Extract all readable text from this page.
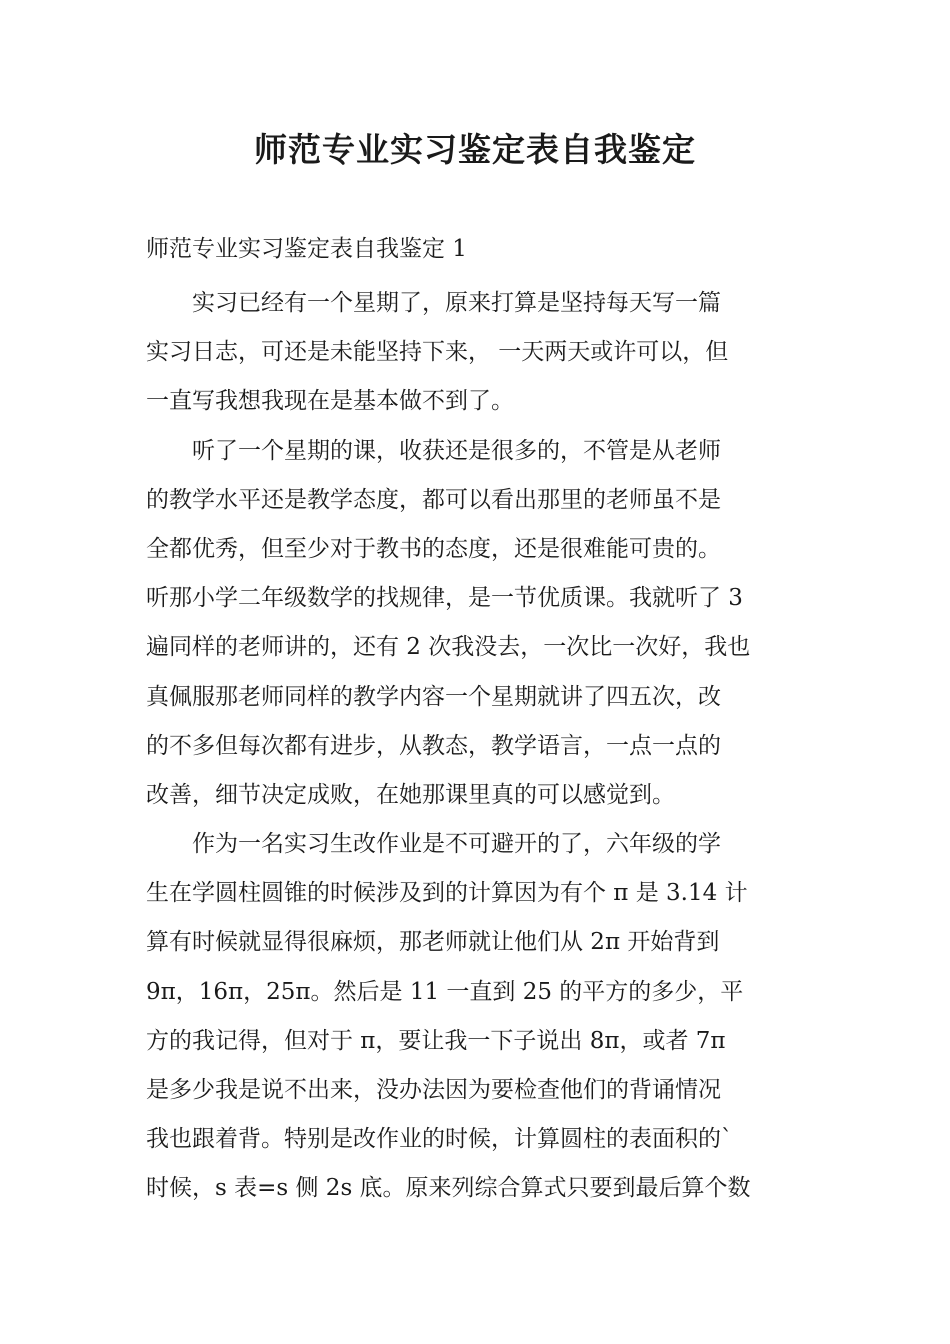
师范专业实习鉴定表自我鉴定

师范专业实习鉴定表自我鉴定 1

　　实习已经有一个星期了，原来打算是坚持每天写一篇
实习日志，可还是未能坚持下来， 一天两天或许可以，但
一直写我想我现在是基本做不到了。
　　听了一个星期的课，收获还是很多的，不管是从老师
的教学水平还是教学态度，都可以看出那里的老师虽不是
全都优秀，但至少对于教书的态度，还是很难能可贵的。
听那小学二年级数学的找规律，是一节优质课。我就听了 3
遍同样的老师讲的，还有 2 次我没去，一次比一次好，我也
真佩服那老师同样的教学内容一个星期就讲了四五次，改
的不多但每次都有进步，从教态，教学语言，一点一点的
改善，细节决定成败，在她那课里真的可以感觉到。
　　作为一名实习生改作业是不可避开的了，六年级的学
生在学圆柱圆锥的时候涉及到的计算因为有个 π 是 3.14 计
算有时候就显得很麻烦，那老师就让他们从 2π 开始背到
9π，16π，25π。然后是 11 一直到 25 的平方的多少，平
方的我记得，但对于 π，要让我一下子说出 8π，或者 7π
是多少我是说不出来，没办法因为要检查他们的背诵情况
我也跟着背。特别是改作业的时候，计算圆柱的表面积的`
时候，s 表=s 侧 2s 底。原来列综合算式只要到最后算个数
